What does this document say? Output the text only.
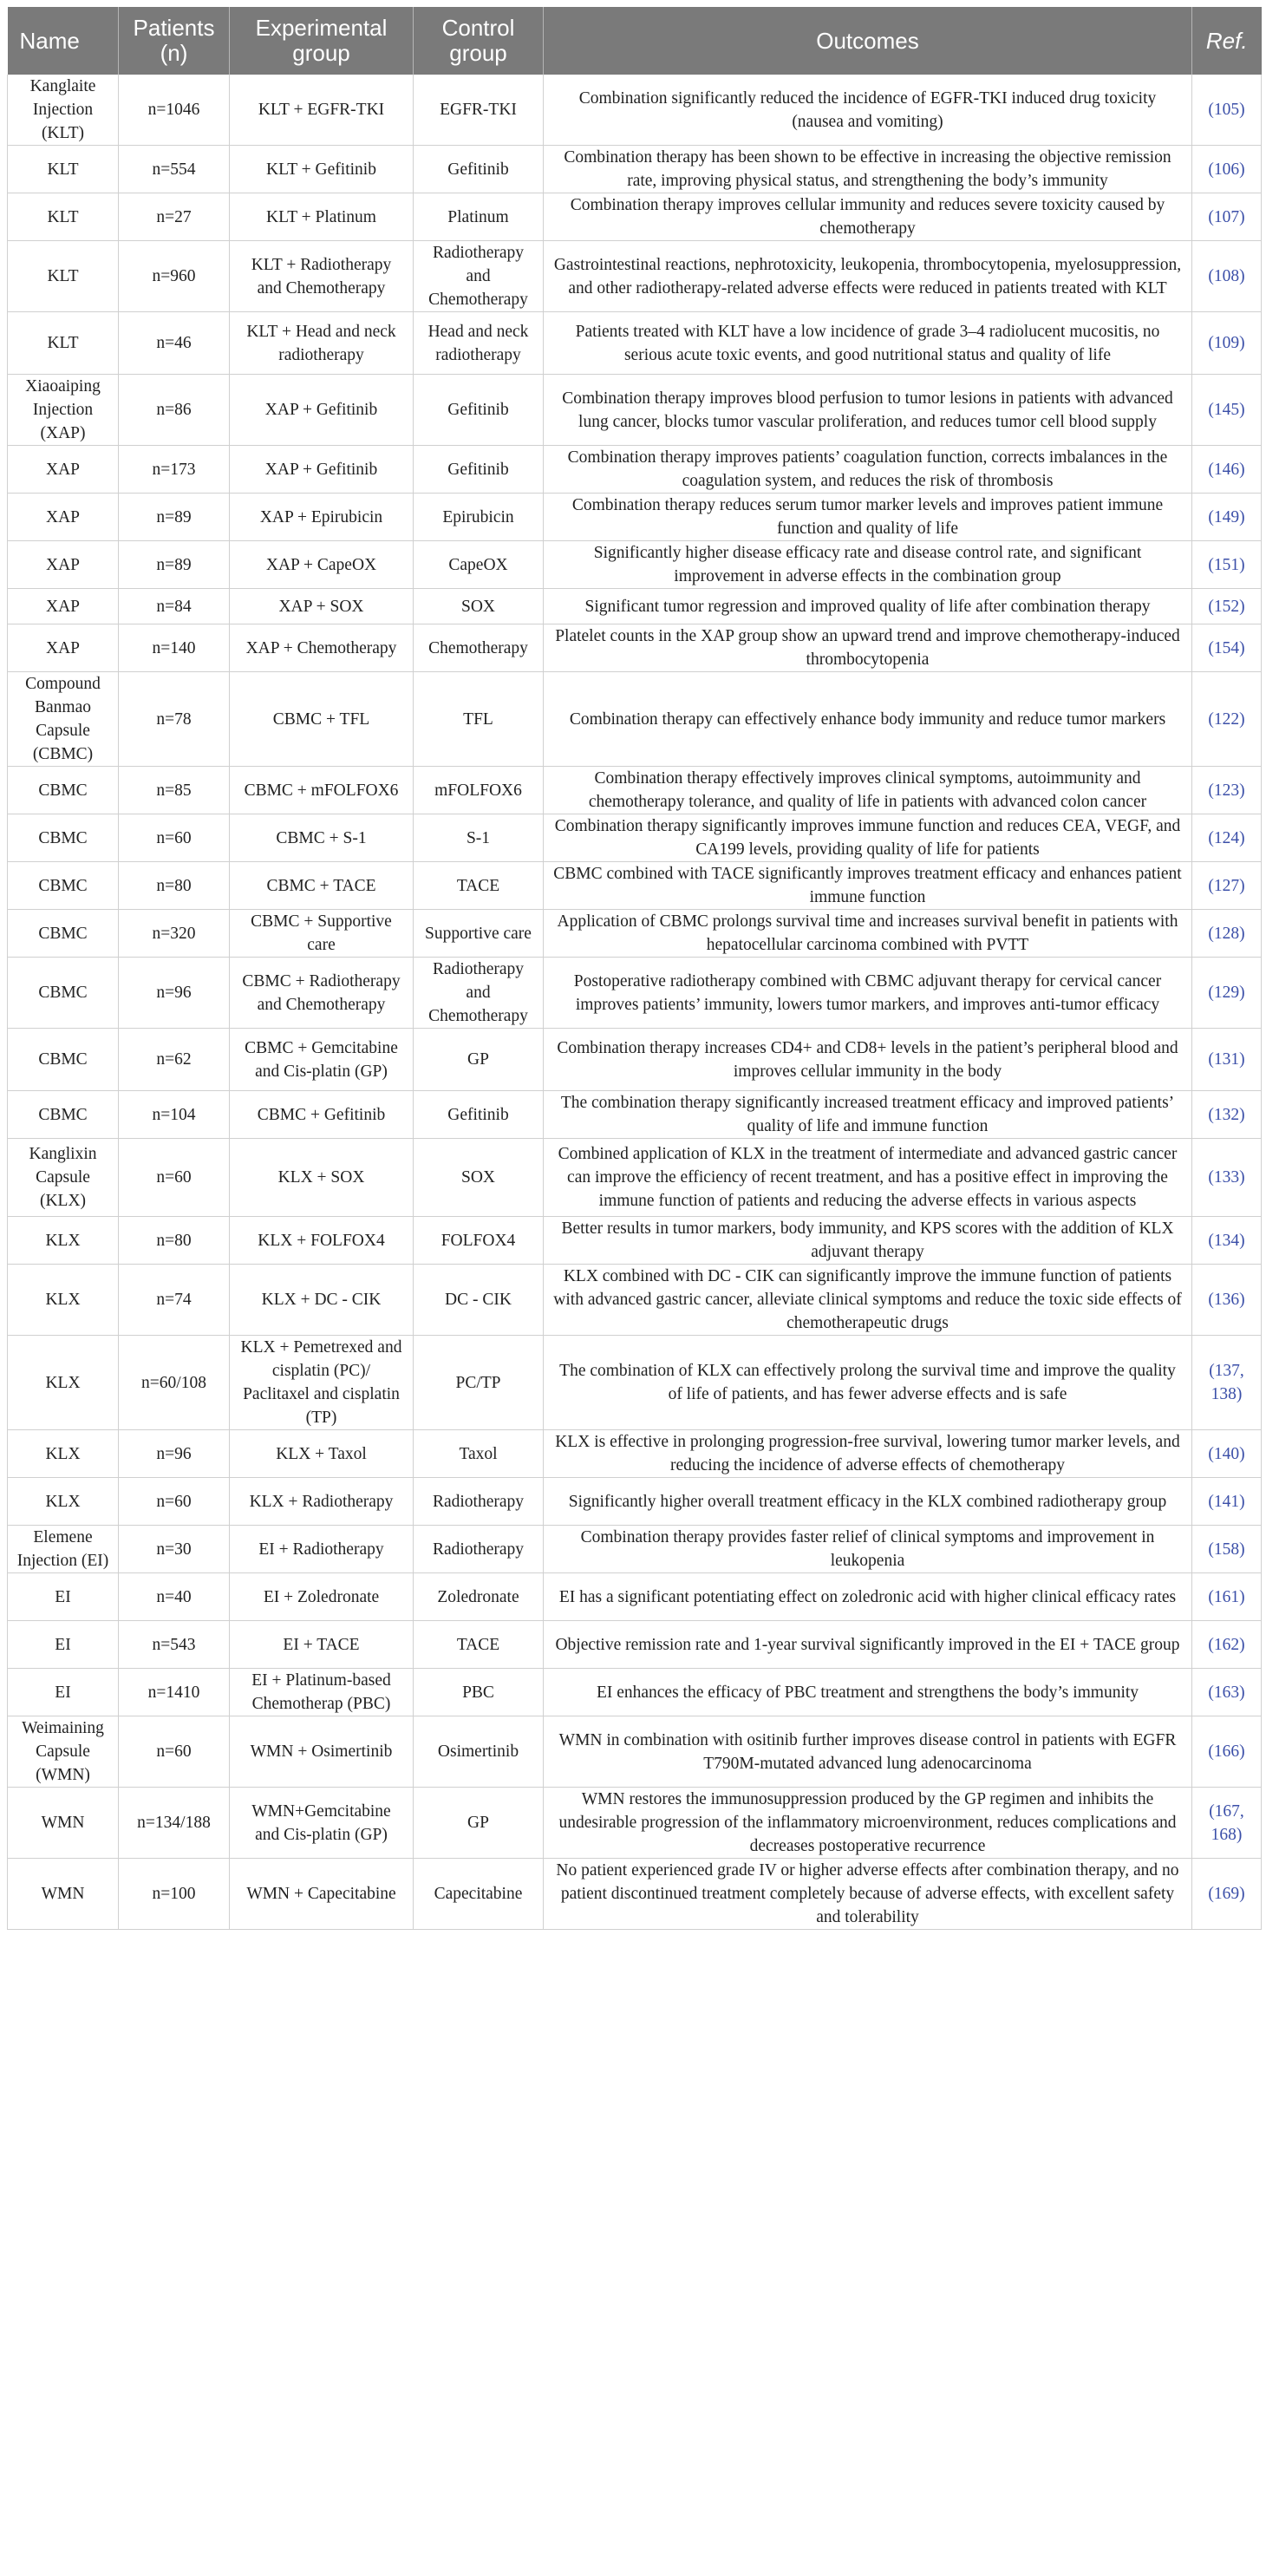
Name	Patients (n)	Experimental group	Control group	Outcomes	Ref.
Kanglaite Injection (KLT)	n=1046	KLT + EGFR-TKI	EGFR-TKI	Combination significantly reduced the incidence of EGFR-TKI induced drug toxicity (nausea and vomiting)	(105)
KLT	n=554	KLT + Gefitinib	Gefitinib	Combination therapy has been shown to be effective in increasing the objective remission rate, improving physical status, and strengthening the body’s immunity	(106)
KLT	n=27	KLT + Platinum	Platinum	Combination therapy improves cellular immunity and reduces severe toxicity caused by chemotherapy	(107)
KLT	n=960	KLT + Radiotherapy and Chemotherapy	Radiotherapy and Chemotherapy	Gastrointestinal reactions, nephrotoxicity, leukopenia, thrombocytopenia, myelosuppression, and other radiotherapy-related adverse effects were reduced in patients treated with KLT	(108)
KLT	n=46	KLT + Head and neck radiotherapy	Head and neck radiotherapy	Patients treated with KLT have a low incidence of grade 3–4 radiolucent mucositis, no serious acute toxic events, and good nutritional status and quality of life	(109)
Xiaoaiping Injection (XAP)	n=86	XAP + Gefitinib	Gefitinib	Combination therapy improves blood perfusion to tumor lesions in patients with advanced lung cancer, blocks tumor vascular proliferation, and reduces tumor cell blood supply	(145)
XAP	n=173	XAP + Gefitinib	Gefitinib	Combination therapy improves patients’ coagulation function, corrects imbalances in the coagulation system, and reduces the risk of thrombosis	(146)
XAP	n=89	XAP + Epirubicin	Epirubicin	Combination therapy reduces serum tumor marker levels and improves patient immune function and quality of life	(149)
XAP	n=89	XAP + CapeOX	CapeOX	Significantly higher disease efficacy rate and disease control rate, and significant improvement in adverse effects in the combination group	(151)
XAP	n=84	XAP + SOX	SOX	Significant tumor regression and improved quality of life after combination therapy	(152)
XAP	n=140	XAP + Chemotherapy	Chemotherapy	Platelet counts in the XAP group show an upward trend and improve chemotherapy-induced thrombocytopenia	(154)
Compound Banmao Capsule (CBMC)	n=78	CBMC + TFL	TFL	Combination therapy can effectively enhance body immunity and reduce tumor markers	(122)
CBMC	n=85	CBMC + mFOLFOX6	mFOLFOX6	Combination therapy effectively improves clinical symptoms, autoimmunity and chemotherapy tolerance, and quality of life in patients with advanced colon cancer	(123)
CBMC	n=60	CBMC + S-1	S-1	Combination therapy significantly improves immune function and reduces CEA, VEGF, and CA199 levels, providing quality of life for patients	(124)
CBMC	n=80	CBMC + TACE	TACE	CBMC combined with TACE significantly improves treatment efficacy and enhances patient immune function	(127)
CBMC	n=320	CBMC + Supportive care	Supportive care	Application of CBMC prolongs survival time and increases survival benefit in patients with hepatocellular carcinoma combined with PVTT	(128)
CBMC	n=96	CBMC + Radiotherapy and Chemotherapy	Radiotherapy and Chemotherapy	Postoperative radiotherapy combined with CBMC adjuvant therapy for cervical cancer improves patients’ immunity, lowers tumor markers, and improves anti-tumor efficacy	(129)
CBMC	n=62	CBMC + Gemcitabine and Cis-platin (GP)	GP	Combination therapy increases CD4+ and CD8+ levels in the patient’s peripheral blood and improves cellular immunity in the body	(131)
CBMC	n=104	CBMC + Gefitinib	Gefitinib	The combination therapy significantly increased treatment efficacy and improved patients’ quality of life and immune function	(132)
Kanglixin Capsule (KLX)	n=60	KLX + SOX	SOX	Combined application of KLX in the treatment of intermediate and advanced gastric cancer can improve the efficiency of recent treatment, and has a positive effect in improving the immune function of patients and reducing the adverse effects in various aspects	(133)
KLX	n=80	KLX + FOLFOX4	FOLFOX4	Better results in tumor markers, body immunity, and KPS scores with the addition of KLX adjuvant therapy	(134)
KLX	n=74	KLX + DC - CIK	DC - CIK	KLX combined with DC - CIK can significantly improve the immune function of patients with advanced gastric cancer, alleviate clinical symptoms and reduce the toxic side effects of chemotherapeutic drugs	(136)
KLX	n=60/108	KLX + Pemetrexed and cisplatin (PC)/ Paclitaxel and cisplatin (TP)	PC/TP	The combination of KLX can effectively prolong the survival time and improve the quality of life of patients, and has fewer adverse effects and is safe	(137, 138)
KLX	n=96	KLX + Taxol	Taxol	KLX is effective in prolonging progression-free survival, lowering tumor marker levels, and reducing the incidence of adverse effects of chemotherapy	(140)
KLX	n=60	KLX + Radiotherapy	Radiotherapy	Significantly higher overall treatment efficacy in the KLX combined radiotherapy group	(141)
Elemene Injection (EI)	n=30	EI + Radiotherapy	Radiotherapy	Combination therapy provides faster relief of clinical symptoms and improvement in leukopenia	(158)
EI	n=40	EI + Zoledronate	Zoledronate	EI has a significant potentiating effect on zoledronic acid with higher clinical efficacy rates	(161)
EI	n=543	EI + TACE	TACE	Objective remission rate and 1-year survival significantly improved in the EI + TACE group	(162)
EI	n=1410	EI + Platinum-based Chemotherap (PBC)	PBC	EI enhances the efficacy of PBC treatment and strengthens the body’s immunity	(163)
Weimaining Capsule (WMN)	n=60	WMN + Osimertinib	Osimertinib	WMN in combination with ositinib further improves disease control in patients with EGFR T790M-mutated advanced lung adenocarcinoma	(166)
WMN	n=134/188	WMN+Gemcitabine and Cis-platin (GP)	GP	WMN restores the immunosuppression produced by the GP regimen and inhibits the undesirable progression of the inflammatory microenvironment, reduces complications and decreases postoperative recurrence	(167, 168)
WMN	n=100	WMN + Capecitabine	Capecitabine	No patient experienced grade IV or higher adverse effects after combination therapy, and no patient discontinued treatment completely because of adverse effects, with excellent safety and tolerability	(169)
